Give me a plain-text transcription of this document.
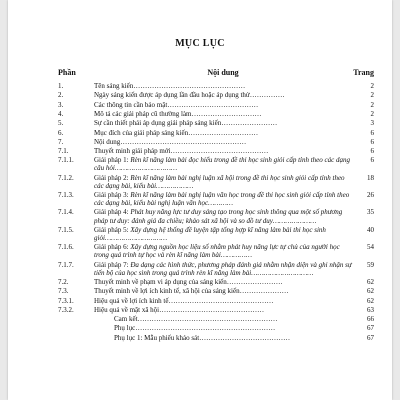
MỤC LỤC
Phần	Nội dung	Trang
1.	Tên sáng kiến…………………………………………	2
2.	Ngày sáng kiến được áp dụng lần đầu hoặc áp dụng thử……………	2
3.	Các thông tin cần bảo mật…………………………………	2
4.	Mô tả các giải pháp cũ thường làm…………………………	2
5.	Sự cần thiết phải áp dụng giải pháp sáng kiến……………………	3
6.	Mục đích của giải pháp sáng kiến…………………………	6
7.	Nội dung………………………………………………	6
7.1.	Thuyết minh giải pháp mới……………………………………	6
7.1.1.	Giải pháp 1: Rèn kĩ năng làm bài đọc hiểu trong đề thi học sinh giỏi cấp tỉnh theo các dạng câu hỏi…………………………	6
7.1.2.	Giải pháp 2: Rèn kĩ năng làm bài nghị luận xã hội trong đề thi học sinh giỏi cấp tỉnh theo các dạng bài, kiểu bài………………	18
7.1.3.	Giải pháp 3: Rèn kĩ năng làm bài nghị luận văn học trong đề thi học sinh giỏi cấp tỉnh theo các dạng bài, kiểu bài nghị luận văn học…………	26
7.1.4.	Giải pháp 4: Phát huy năng lực tư duy sáng tạo trong học sinh thông qua một số phương pháp tư duy: đánh giá đa chiều; khảo sát xã hội và so đồ tư duy…………………	35
7.1.5.	Giải pháp 5: Xây dựng hệ thống đề luyện tập tổng hợp kĩ năng làm bài thi học sinh giỏi…………………………	40
7.1.6.	Giải pháp 6: Xây dựng nguồn học liệu số nhằm phát huy năng lực tự chủ của người học trong quá trình tự học và rèn kĩ năng làm bài……………	54
7.1.7.	Giải pháp 7: Đa dạng các hình thức, phương pháp đánh giá nhằm nhận diện và ghi nhận sự tiến bộ của học sinh trong quá trình rèn kĩ năng làm bài…………………………	59
7.2.	Thuyết minh về phạm vi áp dụng của sáng kiến……………………	62
7.3.	Thuyết minh về lợi ích kinh tế, xã hội của sáng kiến…………………	62
7.3.1.	Hiệu quả về lợi ích kinh tế………………………………………	62
7.3.2.	Hiệu quả về mặt xã hội………………………………………	63
	Cam kết……………………………………………………	66
	Phụ lục……………………………………………………	67
	Phụ lục 1: Mẫu phiếu khảo sát…………………………………	67
